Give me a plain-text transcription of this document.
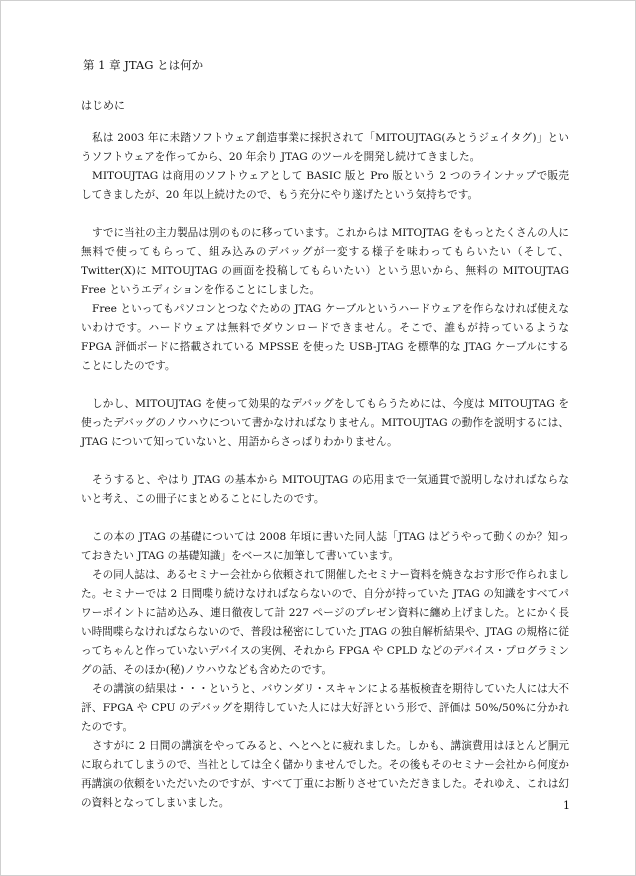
第 1 章 JTAG とは何か
はじめに

私は 2003 年に未踏ソフトウェア創造事業に採択されて「MITOUJTAG(みとうジェイタグ)」というソフトウェアを作ってから、20 年余り JTAG のツールを開発し続けてきました。

MITOUJTAG は商用のソフトウェアとして BASIC 版と Pro 版という 2 つのラインナップで販売してきましたが、20 年以上続けたので、もう充分にやり遂げたという気持ちです。

すでに当社の主力製品は別のものに移っています。これからは MITOJTAG をもっとたくさんの人に無料で使ってもらって、組み込みのデバッグが一変する様子を味わってもらいたい（そして、Twitter(X)に MITOUJTAG の画面を投稿してもらいたい）という思いから、無料の MITOUJTAG Free というエディションを作ることにしました。

Free といってもパソコンとつなぐための JTAG ケーブルというハードウェアを作らなければ使えないわけです。ハードウェアは無料でダウンロードできません。そこで、誰もが持っているような FPGA 評価ボードに搭載されている MPSSE を使った USB-JTAG を標準的な JTAG ケーブルにすることにしたのです。

しかし、MITOUJTAG を使って効果的なデバッグをしてもらうためには、今度は MITOUJTAG を使ったデバッグのノウハウについて書かなければなりません。MITOUJTAG の動作を説明するには、JTAG について知っていないと、用語からさっぱりわかりません。

そうすると、やはり JTAG の基本から MITOUJTAG の応用まで一気通貫で説明しなければならないと考え、この冊子にまとめることにしたのです。

この本の JTAG の基礎については 2008 年頃に書いた同人誌「JTAG はどうやって動くのか？知っておきたい JTAG の基礎知識」をベースに加筆して書いています。

その同人誌は、あるセミナー会社から依頼されて開催したセミナー資料を焼きなおす形で作られました。セミナーでは 2 日間喋り続けなければならないので、自分が持っていた JTAG の知識をすべてパワーポイントに詰め込み、連日徹夜して計 227 ページのプレゼン資料に纏め上げました。とにかく長い時間喋らなければならないので、普段は秘密にしていた JTAG の独自解析結果や、JTAG の規格に従ってちゃんと作っていないデバイスの実例、それから FPGA や CPLD などのデバイス・プログラミングの話、そのほか(秘)ノウハウなども含めたのです。

その講演の結果は・・・というと、バウンダリ・スキャンによる基板検査を期待していた人には大不評、FPGA や CPU のデバッグを期待していた人には大好評という形で、評価は 50%/50%に分かれたのです。

さすがに 2 日間の講演をやってみると、へとへとに疲れました。しかも、講演費用はほとんど胴元に取られてしまうので、当社としては全く儲かりませんでした。その後もそのセミナー会社から何度か再講演の依頼をいただいたのですが、すべて丁重にお断りさせていただきました。それゆえ、これは幻の資料となってしまいました。	1
